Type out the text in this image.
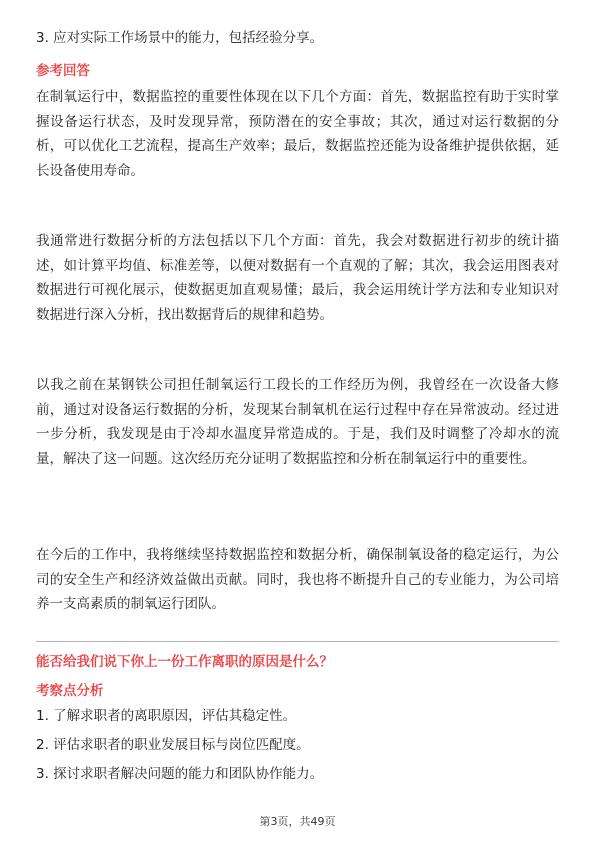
3. 应对实际工作场景中的能力，包括经验分享。

参考回答

在制氧运行中，数据监控的重要性体现在以下几个方面：首先，数据监控有助于实时掌握设备运行状态，及时发现异常，预防潜在的安全事故；其次，通过对运行数据的分析，可以优化工艺流程，提高生产效率；最后，数据监控还能为设备维护提供依据，延长设备使用寿命。

我通常进行数据分析的方法包括以下几个方面：首先，我会对数据进行初步的统计描述，如计算平均值、标准差等，以便对数据有一个直观的了解；其次，我会运用图表对数据进行可视化展示，使数据更加直观易懂；最后，我会运用统计学方法和专业知识对数据进行深入分析，找出数据背后的规律和趋势。

以我之前在某钢铁公司担任制氧运行工段长的工作经历为例，我曾经在一次设备大修前，通过对设备运行数据的分析，发现某台制氧机在运行过程中存在异常波动。经过进一步分析，我发现是由于冷却水温度异常造成的。于是，我们及时调整了冷却水的流量，解决了这一问题。这次经历充分证明了数据监控和分析在制氧运行中的重要性。

在今后的工作中，我将继续坚持数据监控和数据分析，确保制氧设备的稳定运行，为公司的安全生产和经济效益做出贡献。同时，我也将不断提升自己的专业能力，为公司培养一支高素质的制氧运行团队。

能否给我们说下你上一份工作离职的原因是什么？

考察点分析

1. 了解求职者的离职原因，评估其稳定性。

2. 评估求职者的职业发展目标与岗位匹配度。

3. 探讨求职者解决问题的能力和团队协作能力。

第3页，共49页
